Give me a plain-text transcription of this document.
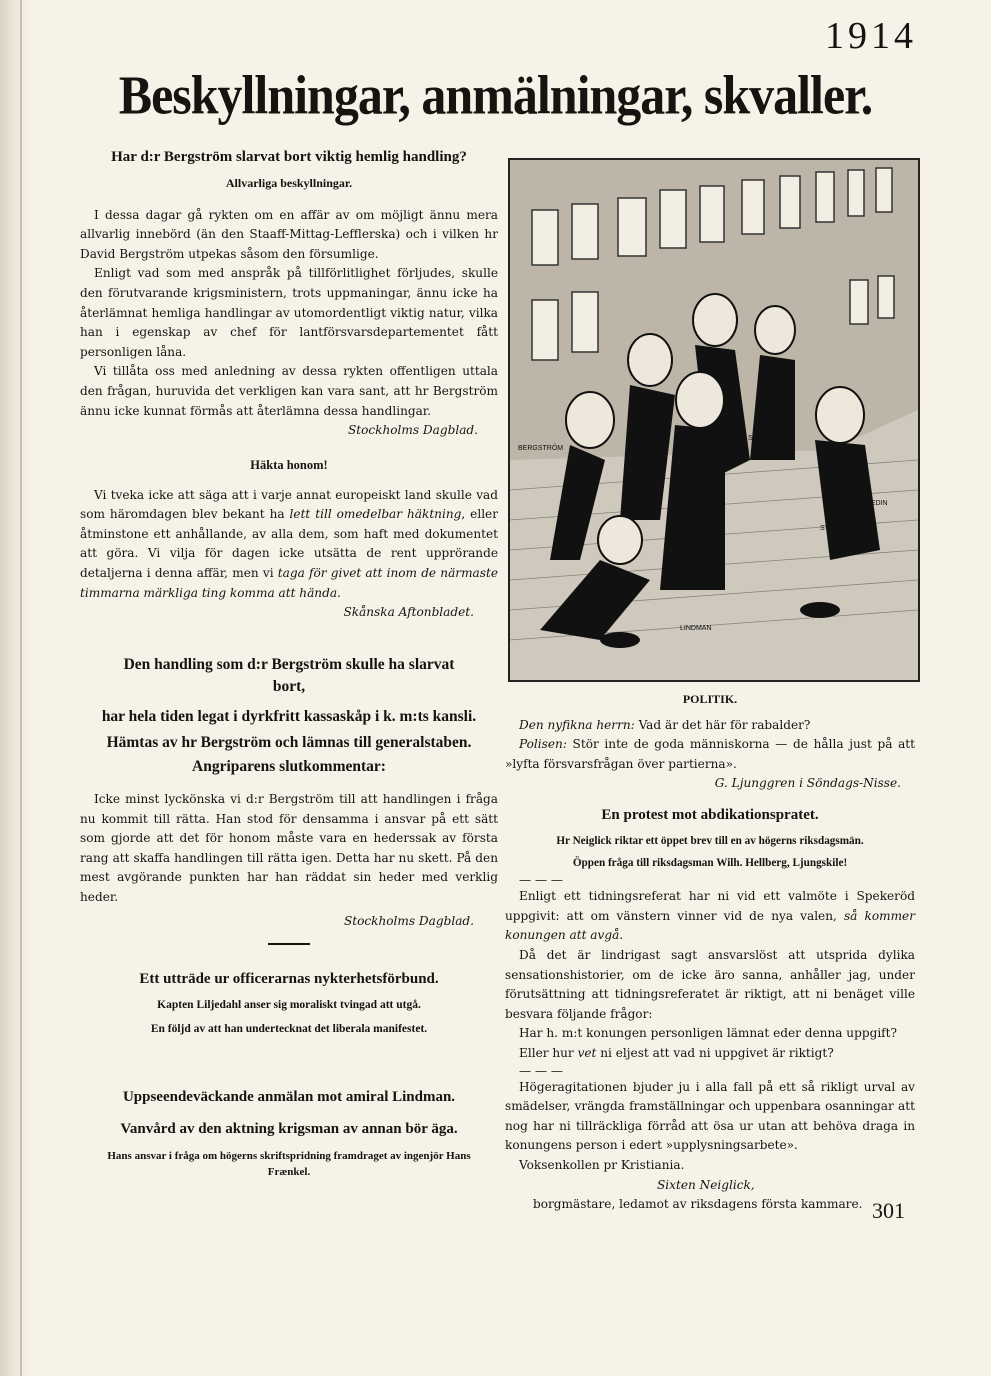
1914
Beskyllningar, anmälningar, skvaller.
Har d:r Bergström slarvat bort viktig hemlig handling?
Allvarliga beskyllningar.

I dessa dagar gå rykten om en affär av om möjligt ännu mera allvarlig innebörd (än den Staaff-Mittag-Lefflerska) och i vilken hr David Bergström utpekas såsom den försumlige.

Enligt vad som med anspråk på tillförlitlighet förljudes, skulle den förutvarande krigsministern, trots uppmaningar, ännu icke ha återlämnat hemliga handlingar av utomordentligt viktig natur, vilka han i egenskap av chef för lantförsvarsdepartementet fått personligen låna.

Vi tillåta oss med anledning av dessa rykten offentligen uttala den frågan, huruvida det verkligen kan vara sant, att hr Bergström ännu icke kunnat förmås att återlämna dessa handlingar.

Stockholms Dagblad.
Häkta honom!

Vi tveka icke att säga att i varje annat europeiskt land skulle vad som häromdagen blev bekant ha lett till omedelbar häktning, eller åtminstone ett anhållande, av alla dem, som haft med dokumentet att göra. Vi vilja för dagen icke utsätta de rent upprörande detaljerna i denna affär, men vi taga för givet att inom de närmaste timmarna märkliga ting komma att hända.

Skånska Aftonbladet.
Den handling som d:r Bergström skulle ha slarvat bort,
har hela tiden legat i dyrkfritt kassaskåp i k. m:ts kansli.
Hämtas av hr Bergström och lämnas till generalstaben.
Angriparens slutkommentar:

Icke minst lyckönska vi d:r Bergström till att handlingen i fråga nu kommit till rätta. Han stod för densamma i ansvar på ett sätt som gjorde att det för honom måste vara en hederssak av första rang att skaffa handlingen till rätta igen. Detta har nu skett. På den mest avgörande punkten har han räddat sin heder med verklig heder.

Stockholms Dagblad.
Ett utträde ur officerarnas nykterhetsförbund.
Kapten Liljedahl anser sig moraliskt tvingad att utgå.
En följd av att han undertecknat det liberala manifestet.
Uppseendeväckande anmälan mot amiral Lindman.
Vanvård av den aktning krigsman av annan bör äga.
Hans ansvar i fråga om högerns skriftspridning framdraget av ingenjör Hans Frænkel.
STAAFF
MEDIN
BERGSTRÖM
SVEN HEDIN
LINDMAN
POLITIK.

Den nyfikna herrn: Vad är det här för rabalder?

Polisen: Stör inte de goda människorna — de hålla just på att »lyfta försvarsfrågan över partierna».

G. Ljunggren i Söndags-Nisse.
En protest mot abdikationspratet.
Hr Neiglick riktar ett öppet brev till en av högerns riksdagsmän.
Öppen fråga till riksdagsman Wilh. Hellberg, Ljungskile!
— — —

Enligt ett tidningsreferat har ni vid ett valmöte i Spekeröd uppgivit: att om vänstern vinner vid de nya valen, så kommer konungen att avgå.

Då det är lindrigast sagt ansvarslöst att utsprida dylika sensationshistorier, om de icke äro sanna, anhåller jag, under förutsättning att tidningsreferatet är riktigt, att ni benäget ville besvara följande frågor:

Har h. m:t konungen personligen lämnat eder denna uppgift?

Eller hur vet ni eljest att vad ni uppgivet är riktigt?

— — —

Högeragitationen bjuder ju i alla fall på ett så rikligt urval av smädelser, vrängda framställningar och uppenbara osanningar att nog har ni tillräckliga förråd att ösa ur utan att behöva draga in konungens person i edert »upplysningsarbete».

Voksenkollen pr Kristiania.

Sixten Neiglick,
borgmästare, ledamot av riksdagens första kammare. 301
